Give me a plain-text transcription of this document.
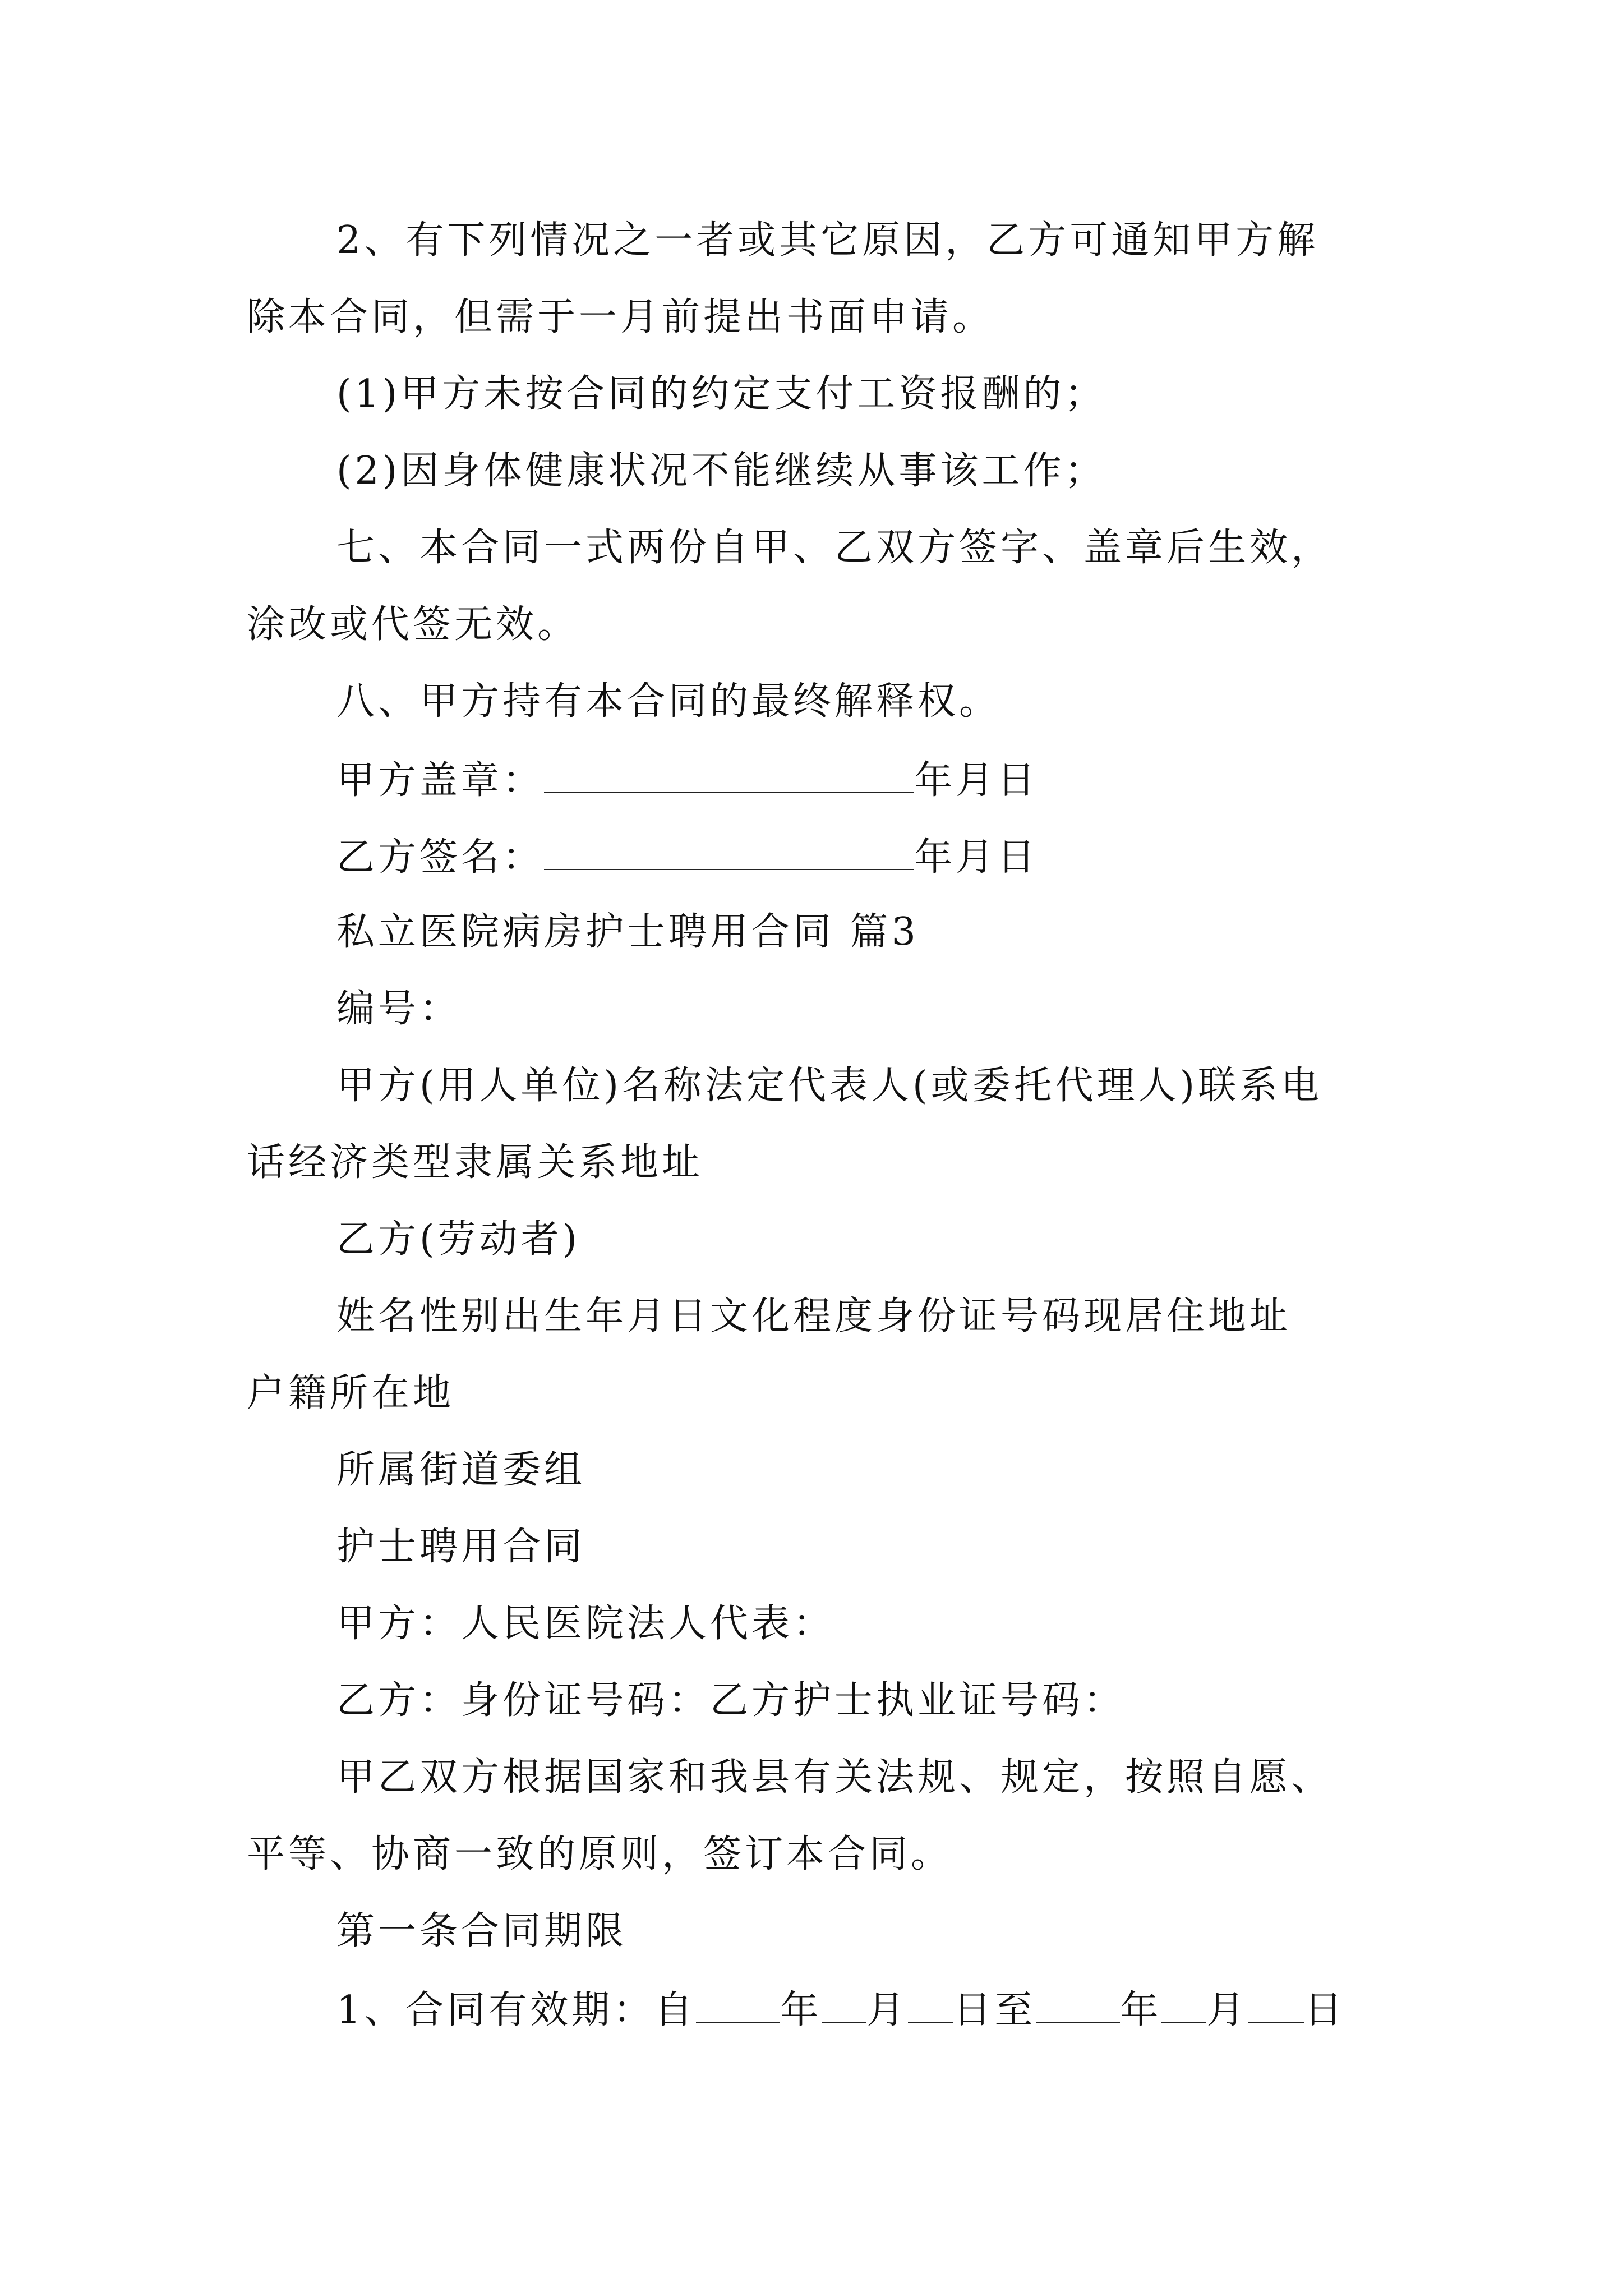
2、有下列情况之一者或其它原因，乙方可通知甲方解
除本合同，但需于一月前提出书面申请。
(1)甲方未按合同的约定支付工资报酬的；
(2)因身体健康状况不能继续从事该工作；
七、本合同一式两份自甲、乙双方签字、盖章后生效，
涂改或代签无效。
八、甲方持有本合同的最终解释权。
甲方盖章：	年月日
乙方签名：	年月日
私立医院病房护士聘用合同 篇3
编号：
甲方(用人单位)名称法定代表人(或委托代理人)联系电
话经济类型隶属关系地址
乙方(劳动者)
姓名性别出生年月日文化程度身份证号码现居住地址
户籍所在地
所属街道委组
护士聘用合同
甲方：人民医院法人代表：
乙方：身份证号码：乙方护士执业证号码：
甲乙双方根据国家和我县有关法规、规定，按照自愿、
平等、协商一致的原则，签订本合同。
第一条合同期限
1、合同有效期：自 年 月 日至 年 月 日
